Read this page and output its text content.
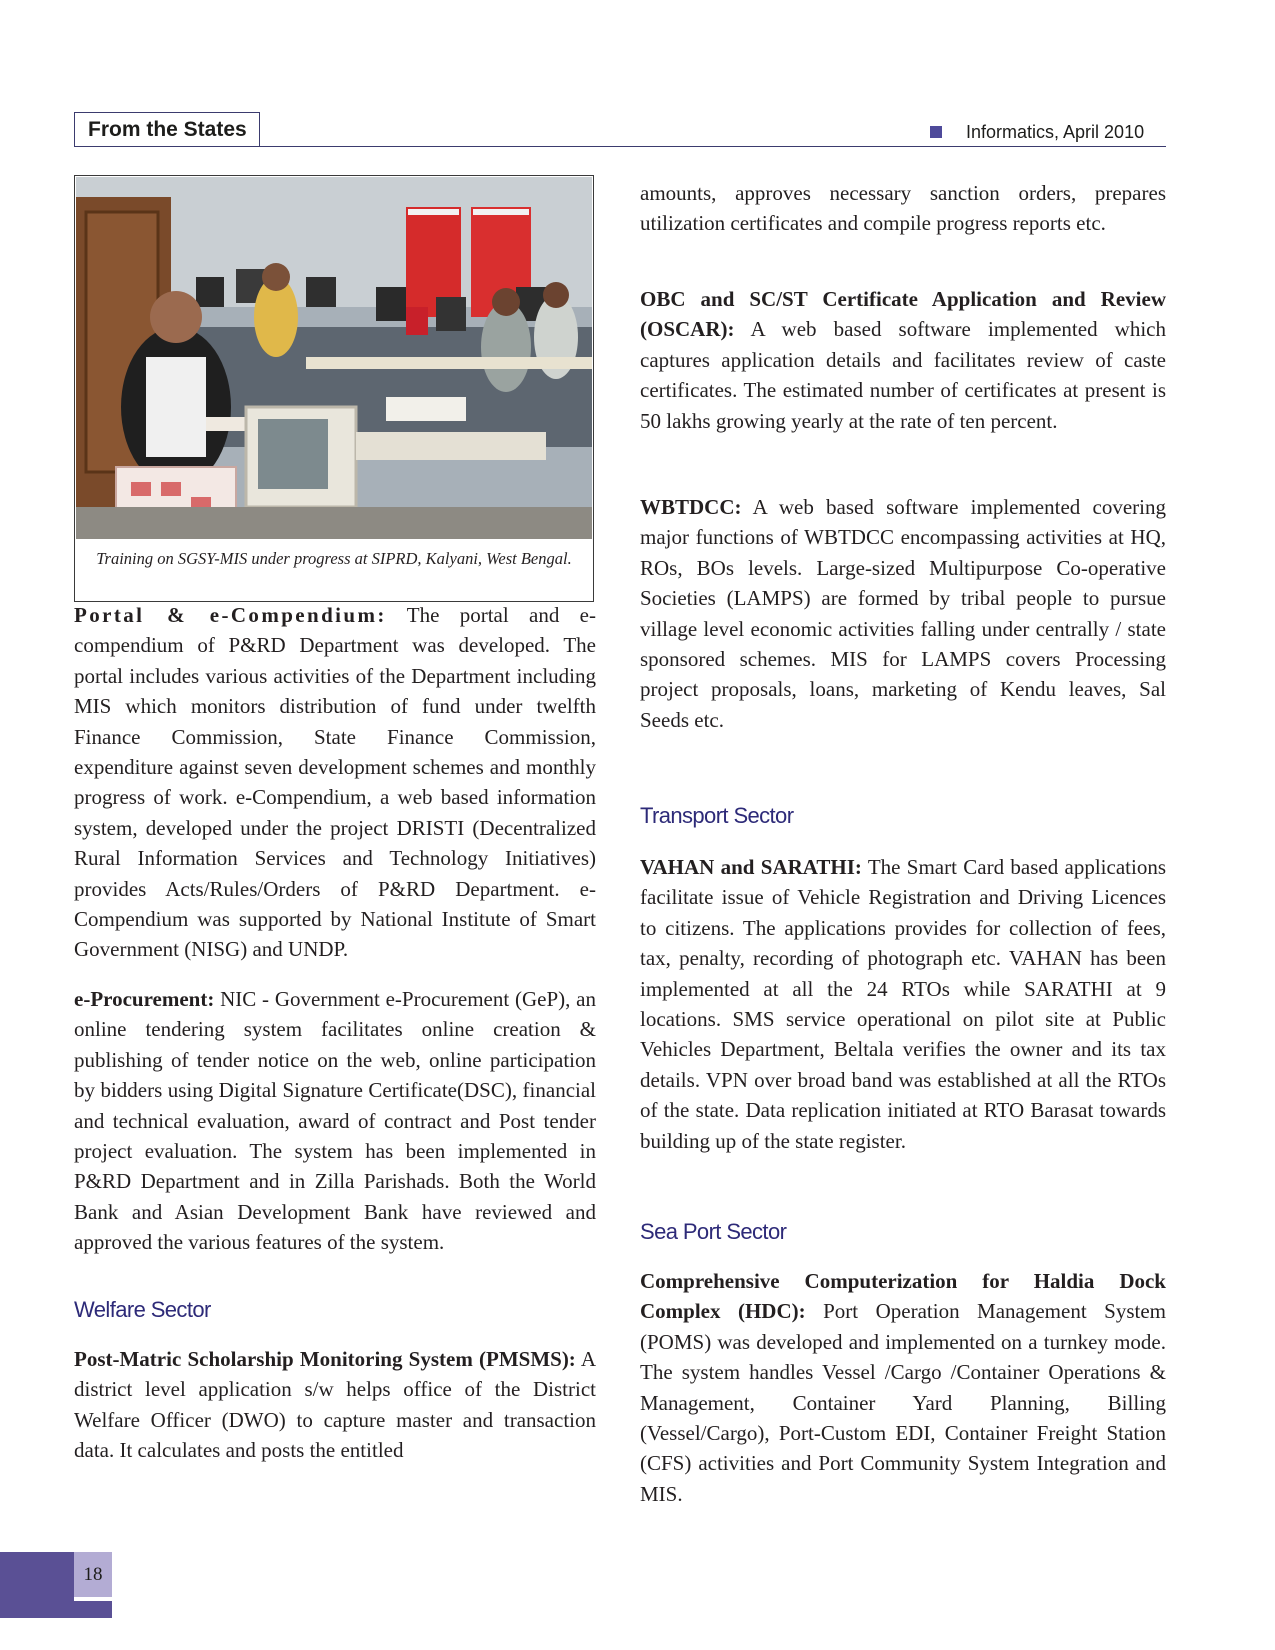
From the States	Informatics, April 2010
Training on SGSY-MIS under progress at SIPRD, Kalyani, West Bengal.

Portal & e-Compendium: The portal and e-compendium of P&RD Department was developed. The portal includes various activities of the Department including MIS which monitors distribution of fund under twelfth Finance Commission, State Finance Commission, expenditure against seven development schemes and monthly progress of work. e-Compendium, a web based information system, developed under the project DRISTI (Decentralized Rural Information Services and Technology Initiatives) provides Acts/Rules/Orders of P&RD Department. e-Compendium was supported by National Institute of Smart Government (NISG) and UNDP.

e-Procurement: NIC - Government e-Procurement (GeP), an online tendering system facilitates online creation & publishing of tender notice on the web, online participation by bidders using Digital Signature Certificate(DSC), financial and technical evaluation, award of contract and Post tender project evaluation. The system has been implemented in P&RD Department and in Zilla Parishads. Both the World Bank and Asian Development Bank have reviewed and approved the various features of the system.

Welfare Sector

Post-Matric Scholarship Monitoring System (PMSMS): A district level application s/w helps office of the District Welfare Officer (DWO) to capture master and transaction data. It calculates and posts the entitled

amounts, approves necessary sanction orders, prepares utilization certificates and compile progress reports etc.

OBC and SC/ST Certificate Application and Review (OSCAR): A web based software implemented which captures application details and facilitates review of caste certificates. The estimated number of certificates at present is 50 lakhs growing yearly at the rate of ten percent.

WBTDCC: A web based software implemented covering major functions of WBTDCC encompassing activities at HQ, ROs, BOs levels. Large-sized Multipurpose Co-operative Societies (LAMPS) are formed by tribal people to pursue village level economic activities falling under centrally / state sponsored schemes. MIS for LAMPS covers Processing project proposals, loans, marketing of Kendu leaves, Sal Seeds etc.

Transport Sector

VAHAN and SARATHI: The Smart Card based applications facilitate issue of Vehicle Registration and Driving Licences to citizens. The applications provides for collection of fees, tax, penalty, recording of photograph etc. VAHAN has been implemented at all the 24 RTOs while SARATHI at 9 locations. SMS service operational on pilot site at Public Vehicles Department, Beltala verifies the owner and its tax details. VPN over broad band was established at all the RTOs of the state. Data replication initiated at RTO Barasat towards building up of the state register.

Sea Port Sector

Comprehensive Computerization for Haldia Dock Complex (HDC): Port Operation Management System (POMS) was developed and implemented on a turnkey mode. The system handles Vessel /Cargo /Container Operations & Management, Container Yard Planning, Billing (Vessel/Cargo), Port-Custom EDI, Container Freight Station (CFS) activities and Port Community System Integration and MIS.

18
